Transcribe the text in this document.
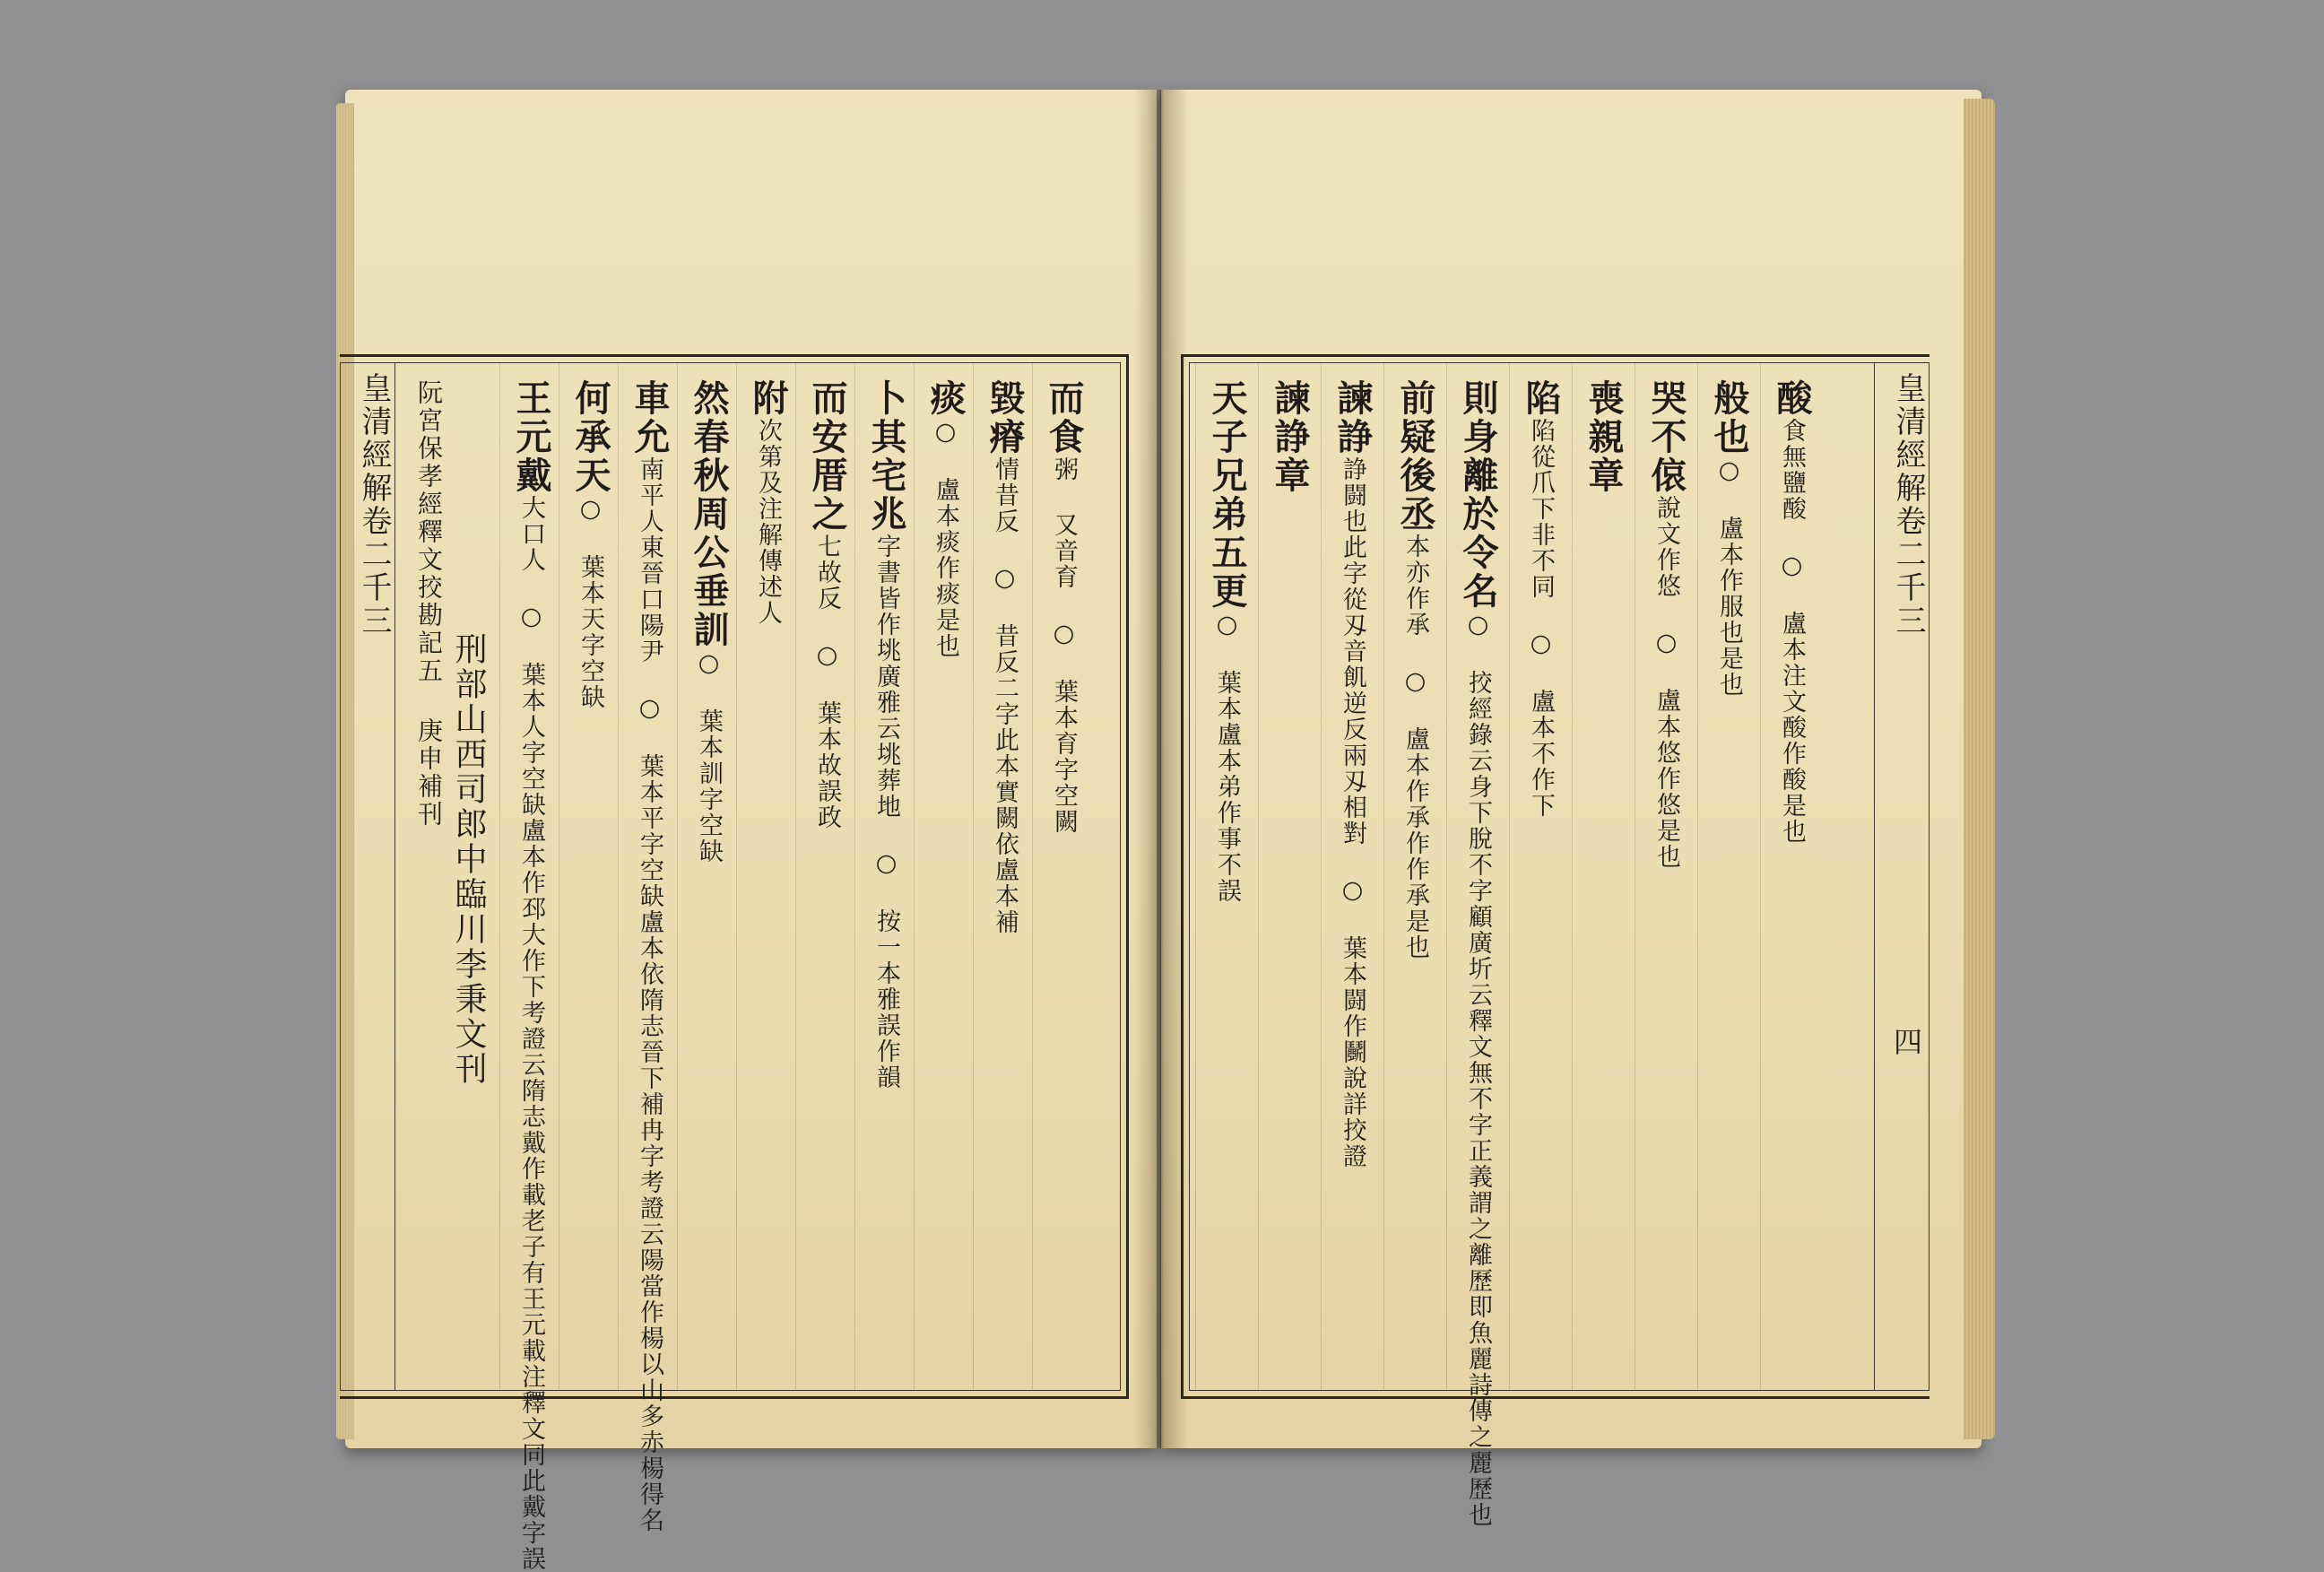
皇清經解卷二千三 阮宮保孝經釋文挍勘記五 庚申補刊
刑部山西司郎中臨川李秉文刊
王元戴大口人 ○ 葉本人字空缺盧本作邳大作下考證云隋志戴作載老子有王元載注釋文同此戴字誤
何承天○ 葉本天字空缺
車允南平人東晉口陽尹 ○ 葉本平字空缺盧本依隋志晉下補冉字考證云陽當作楊以山多赤楊得名 然春秋周公垂訓○ 葉本訓字空缺
附次第及注解傳述人 而安厝之七故反 ○ 葉本故誤政
卜其宅兆字書皆作垗廣雅云垗葬地 ○ 按一本雅誤作韻
痰○ 盧本痰作痰是也 毀瘠情昔反 ○ 昔反二字此本實闕依盧本補
而食粥 又音育 ○ 葉本育字空闕	天子兄弟五更○ 葉本盧本弟作事不誤
諫諍章 諫諍諍闘也此字從刄音飢逆反兩刄相對 ○ 葉本闘作鬭說詳挍證 前疑後丞本亦作承 ○ 盧本作承作作承是也
則身離於令名○ 挍經錄云身下脫不字顧廣圻云釋文無不字正義謂之離歷即魚麗詩傳之麗歷也
陷陷從爪下非不同 ○ 盧本不作下 喪親章 哭不偯說文作悠 ○ 盧本悠作悠是也
般也○ 盧本作服也是也
酸食無鹽酸 ○ 盧本注文酸作酸是也	皇清經解卷二千三
四
